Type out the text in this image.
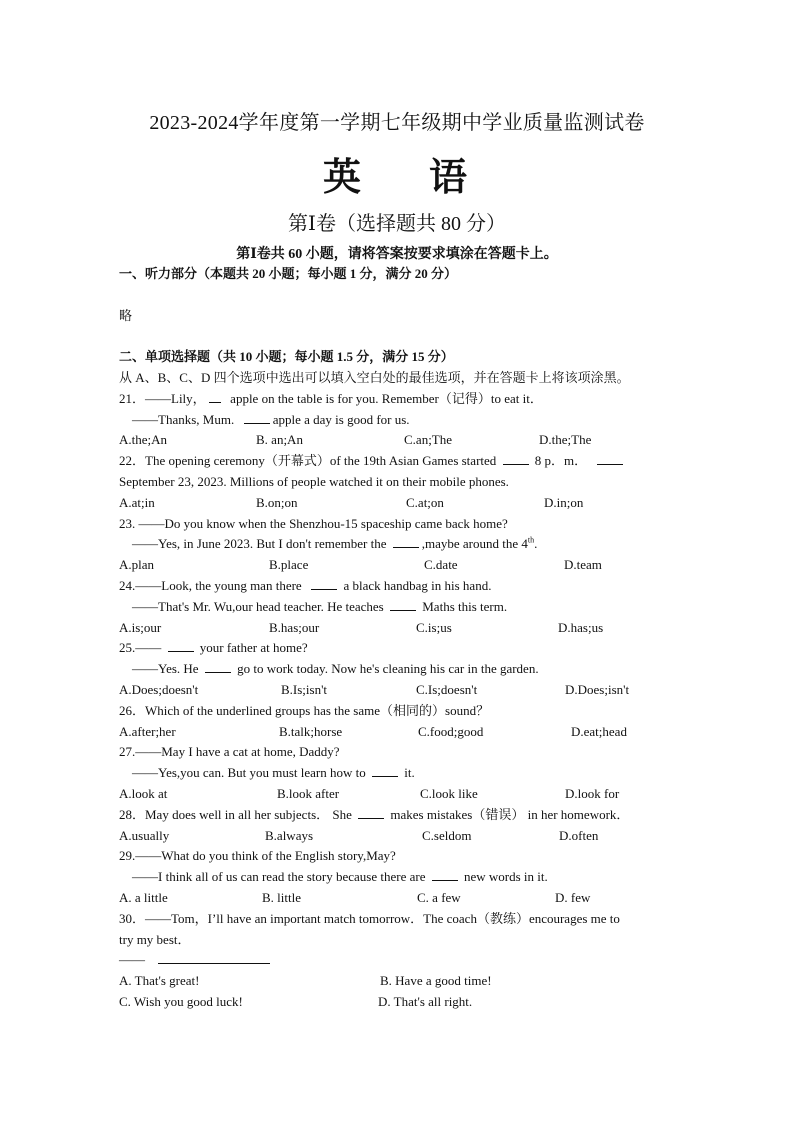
2023-2024学年度第一学期七年级期中学业质量监测试卷
英 语
第Ⅰ卷（选择题共 80 分）
第Ⅰ卷共 60 小题，请将答案按要求填涂在答题卡上。
一、听力部分（本题共 20 小题；每小题 1 分，满分 20 分）
略
二、单项选择题（共 10 小题；每小题 1.5 分，满分 15 分）
从 A、B、C、D 四个选项中选出可以填入空白处的最佳选项，并在答题卡上将该项涂黑。
21．——Lily， apple on the table is for you. Remember（记得）to eat it．
——Thanks, Mum.	apple a day is good for us.
A.the;An	B. an;An	C.an;The	D.the;The
22．The opening ceremony（开幕式）of the 19th Asian Games started	8 p．m．
September 23, 2023. Millions of people watched it on their mobile phones.
A.at;in	B.on;on	C.at;on	D.in;on
23. ——Do you know when the Shenzhou-15 spaceship came back home?
——Yes, in June 2023. But I don't remember the	,maybe around the 4th.
A.plan	B.place	C.date	D.team
24.——Look, the young man there	a black handbag in his hand.
——That's Mr. Wu,our head teacher. He teaches	Maths this term.
A.is;our	B.has;our	C.is;us	D.has;us
25.——	your father at home?
——Yes. He	go to work today. Now he's cleaning his car in the garden.
A.Does;doesn't	B.Is;isn't	C.Is;doesn't	D.Does;isn't
26．Which of the underlined groups has the same（相同的）sound？
A.after;her	B.talk;horse	C.food;good	D.eat;head
27.——May I have a cat at home, Daddy?
——Yes,you can. But you must learn how to	it.
A.look at	B.look after	C.look like	D.look for
28．May does well in all her subjects． She	makes mistakes（错误） in her homework．
A.usually	B.always	C.seldom	D.often
29.——What do you think of the English story,May?
——I think all of us can read the story because there are	new words in it.
A. a little	B. little	C. a few	D. few
30．——Tom，I’ll have an important match tomorrow．The coach（教练）encourages me to
try my best．
——
A. That's great!	B. Have a good time!
C. Wish you good luck!	D. That's all right.
